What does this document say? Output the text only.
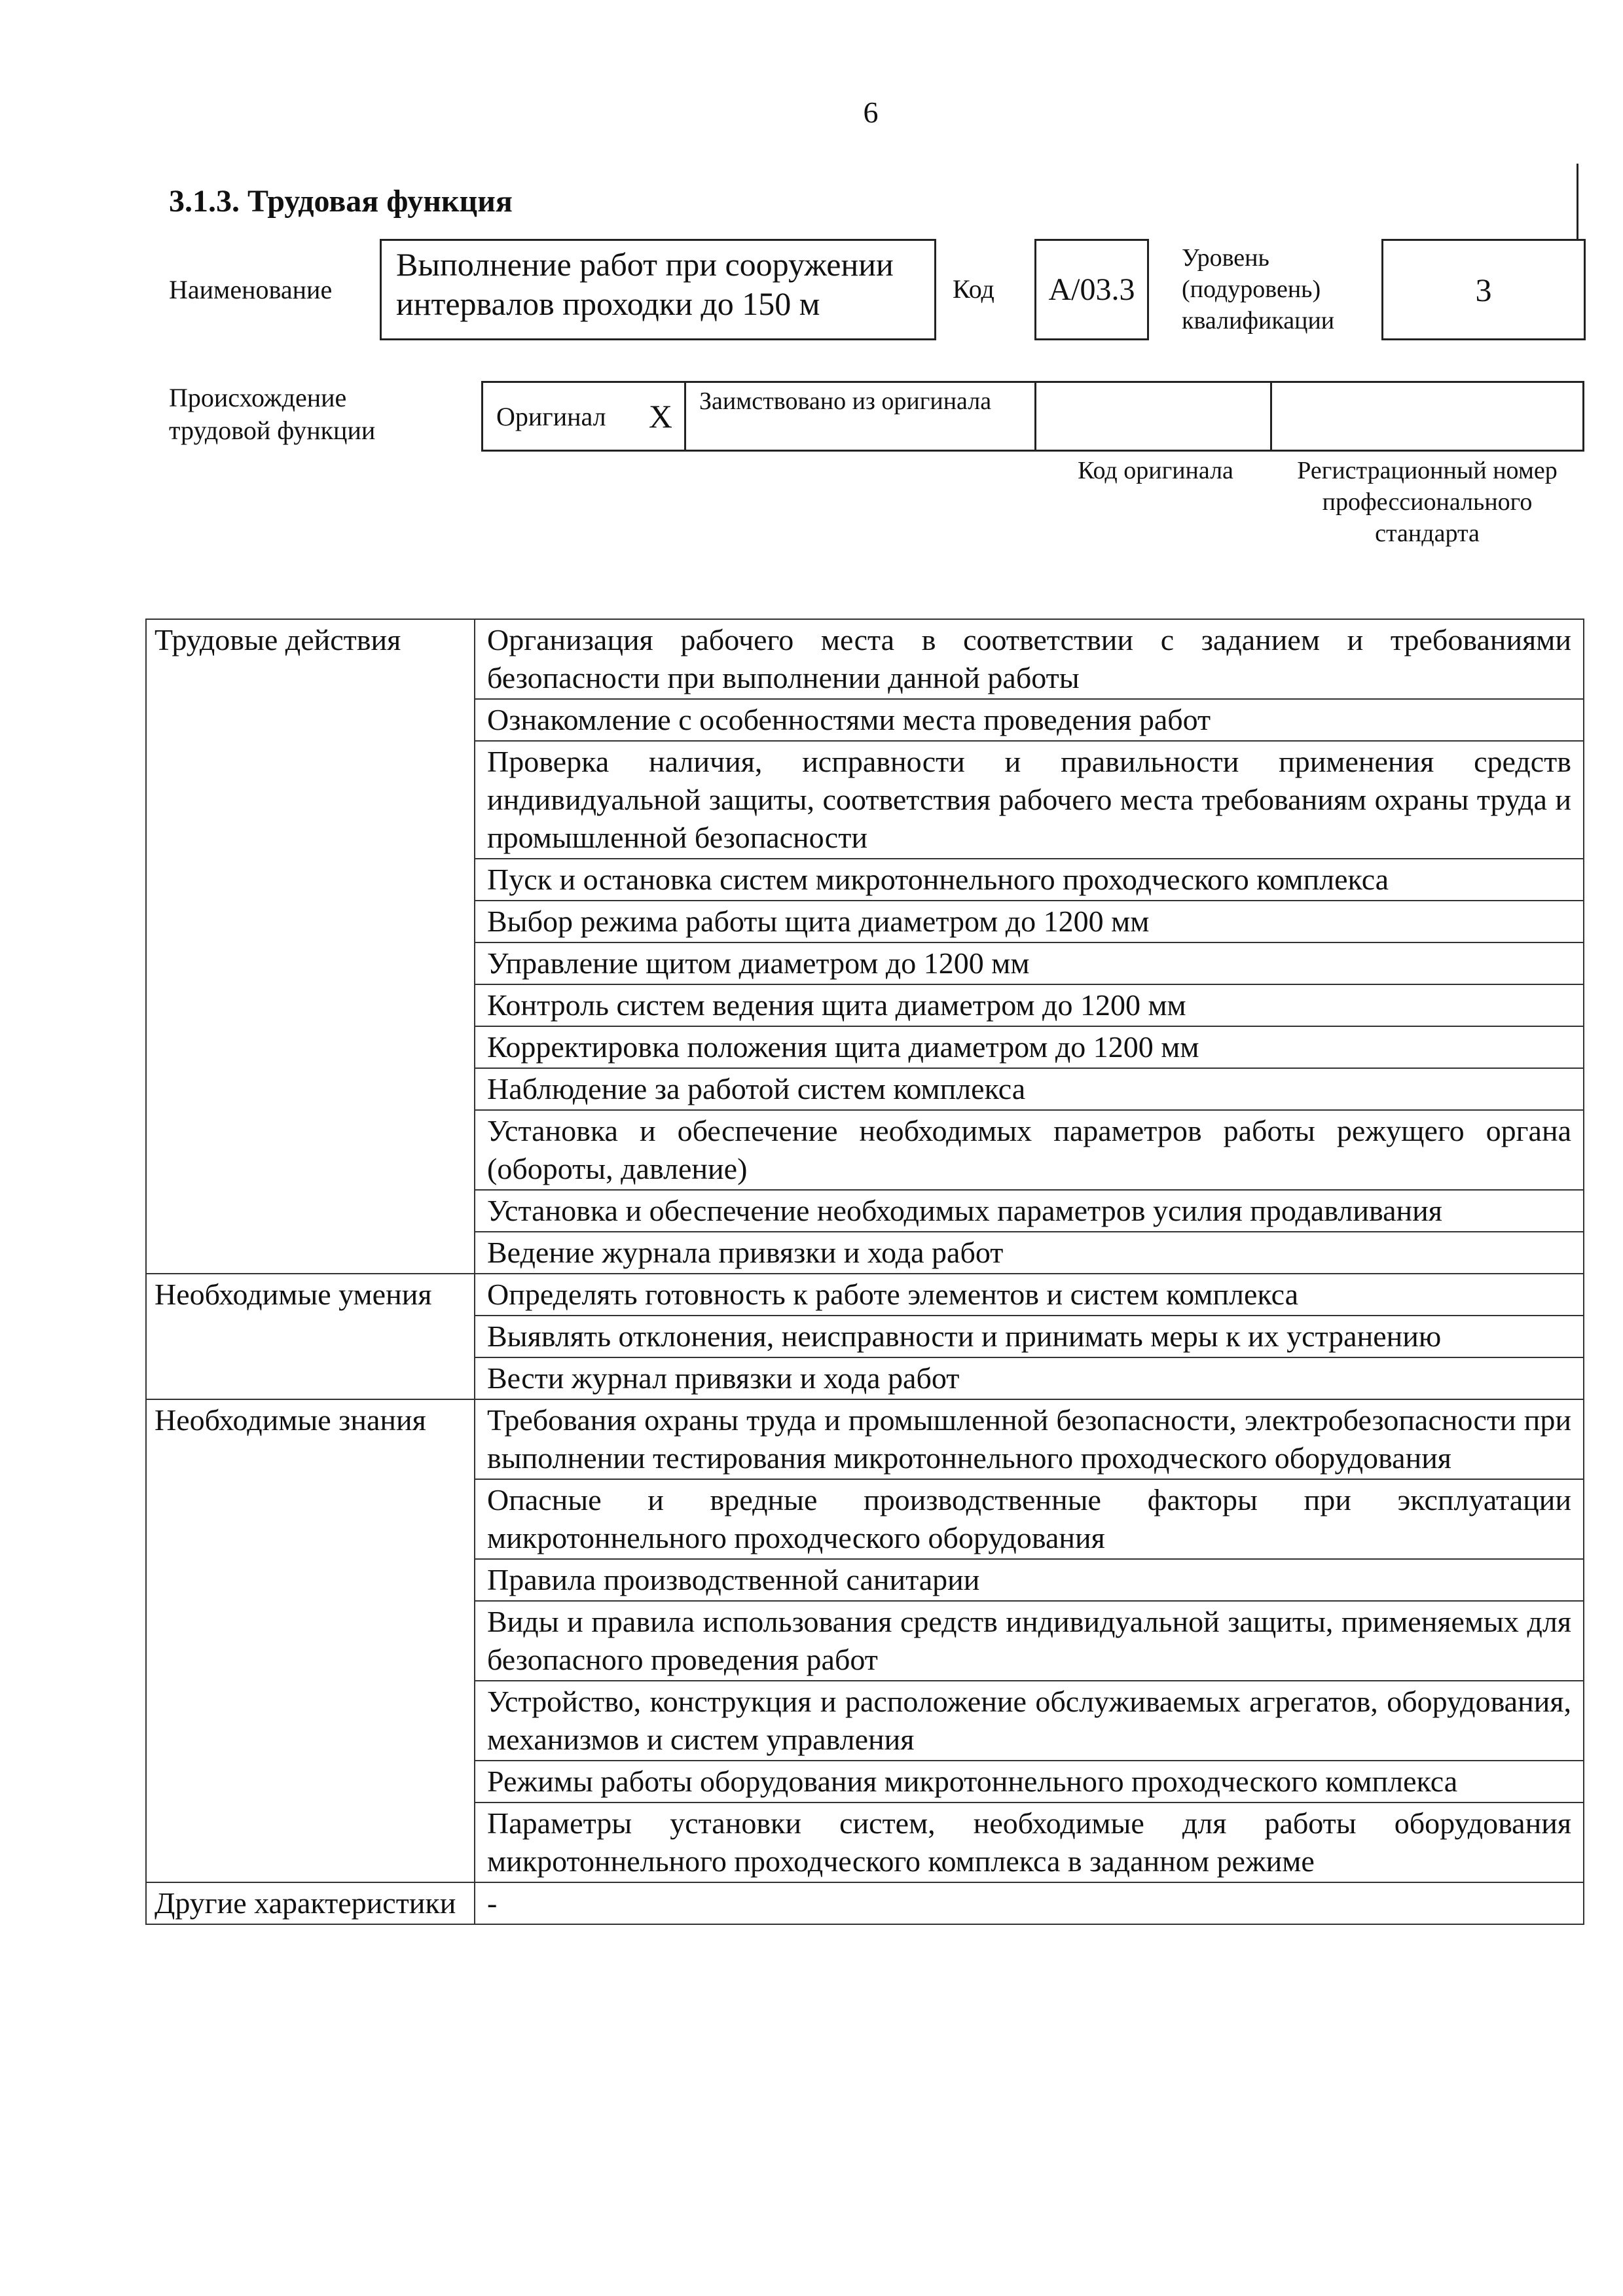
6
3.1.3. Трудовая функция
Наименование
Выполнение работ при сооружении интервалов проходки до 150 м	Код	A/03.3
Уровень (подуровень) квалификации
3
Происхождение трудовой функции	Оригинал X	Заимствовано из оригинала
Код оригинала	Регистрационный номер профессионального стандарта
Трудовые действия	Организация рабочего места в соответствии с заданием и требованиями безопасности при выполнении данной работы
	Ознакомление с особенностями места проведения работ
	Проверка наличия, исправности и правильности применения средств индивидуальной защиты, соответствия рабочего места требованиям охраны труда и промышленной безопасности
	Пуск и остановка систем микротоннельного проходческого комплекса
	Выбор режима работы щита диаметром до 1200 мм
	Управление щитом диаметром до 1200 мм
	Контроль систем ведения щита диаметром до 1200 мм
	Корректировка положения щита диаметром до 1200 мм
	Наблюдение за работой систем комплекса
	Установка и обеспечение необходимых параметров работы режущего органа (обороты, давление)
	Установка и обеспечение необходимых параметров усилия продавливания
	Ведение журнала привязки и хода работ
Необходимые умения	Определять готовность к работе элементов и систем комплекса
	Выявлять отклонения, неисправности и принимать меры к их устранению
	Вести журнал привязки и хода работ
Необходимые знания	Требования охраны труда и промышленной безопасности, электробезопасности при выполнении тестирования микротоннельного проходческого оборудования
	Опасные и вредные производственные факторы при эксплуатации микротоннельного проходческого оборудования
	Правила производственной санитарии
	Виды и правила использования средств индивидуальной защиты, применяемых для безопасного проведения работ
	Устройство, конструкция и расположение обслуживаемых агрегатов, оборудования, механизмов и систем управления
	Режимы работы оборудования микротоннельного проходческого комплекса
	Параметры установки систем, необходимые для работы оборудования микротоннельного проходческого комплекса в заданном режиме
Другие характеристики	-
